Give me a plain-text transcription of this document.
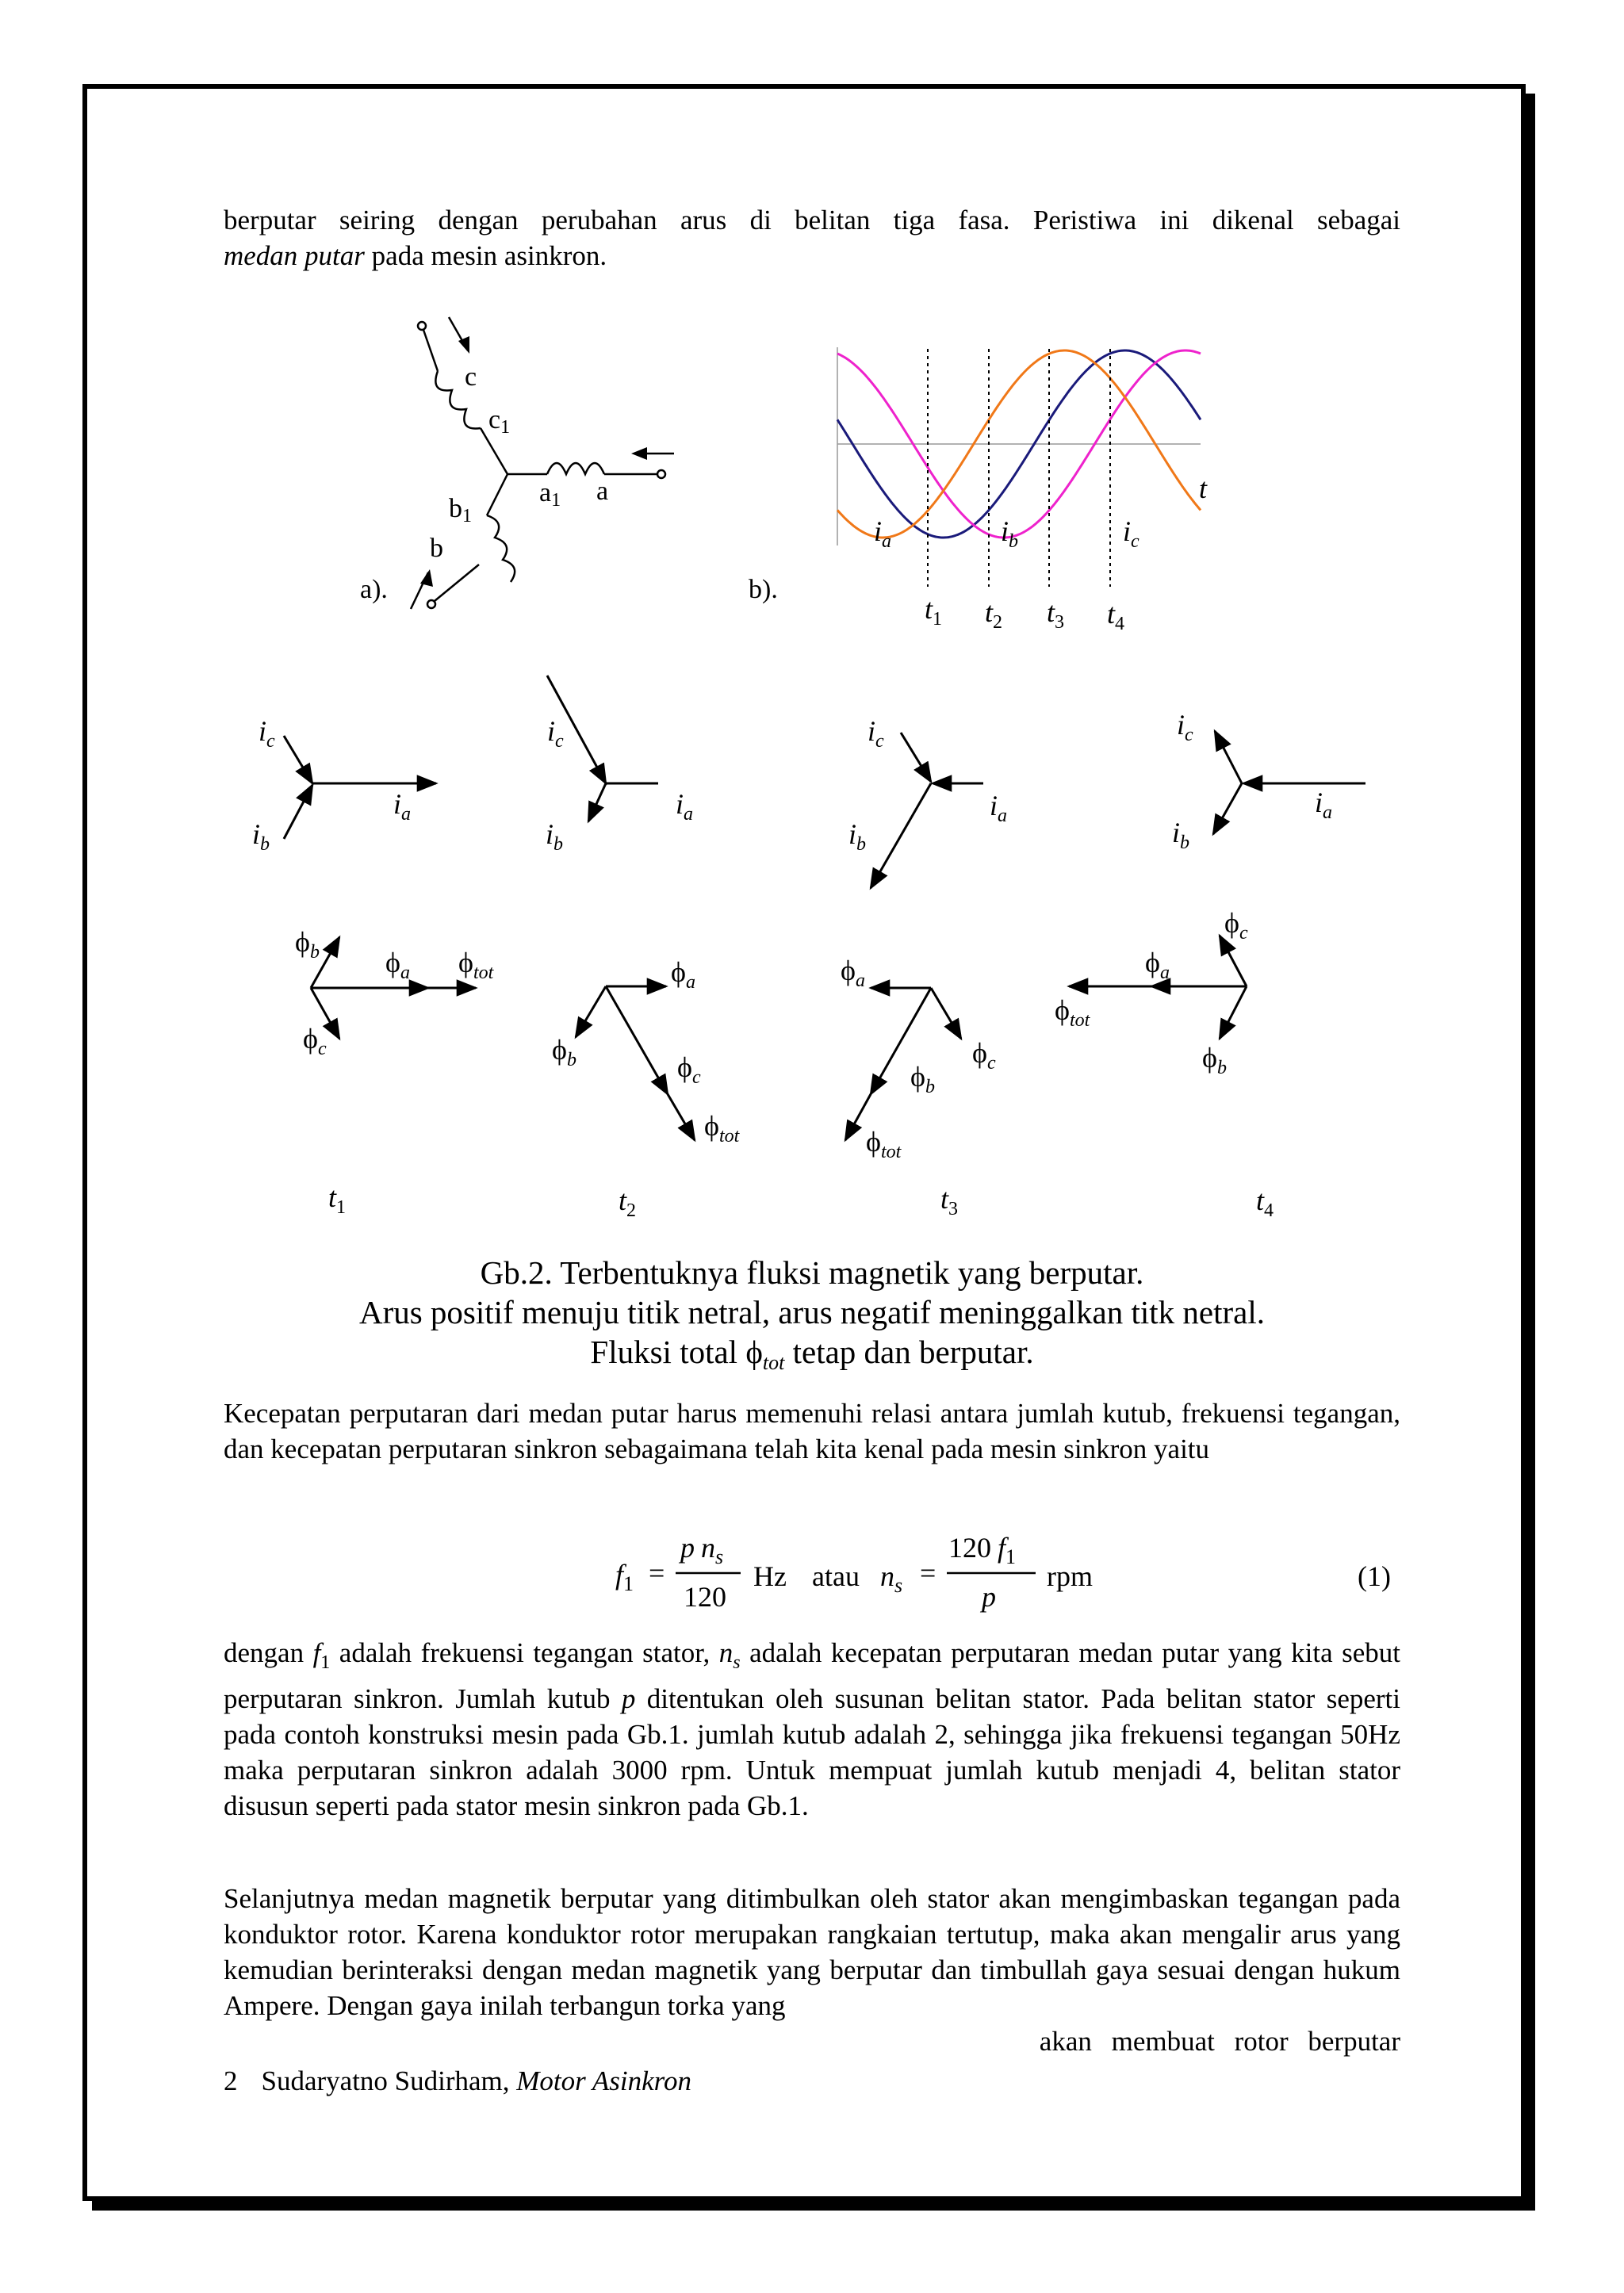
berputar seiring dengan perubahan arus di belitan tiga fasa. Peristiwa ini dikenal sebagai
medan putar pada mesin asinkron.
c
c1
a1 a
b1
b
a).
t
$i_a$	$i_b$	$i_c$
$t_1$ $t_2$ $t_3$ $t_4$
b).
$i_c$
$i_a$
$i_b$
$i_c$
$i_a$
$i_b$
$i_c$
$i_a$
$i_b$
$i_c$
$i_a$
$i_b$
$\phi_b$ $\phi_a$ $\phi_{tot}$
$\phi_c$
$\phi_a$
$\phi_b$	$\phi_c$
$\phi_{tot}$
$\phi_a$
$\phi_c$
$\phi_b$
$\phi_{tot}$
$\phi_c$
$\phi_a$
$\phi_{tot}$
$\phi_b$
$t_1$	$t_2$	$t_3$	$t_4$
Gb.2. Terbentuknya fluksi magnetik yang berputar.
Arus positif menuju titik netral, arus negatif meninggalkan titk netral.
Fluksi total ϕtot tetap dan berputar.
Kecepatan perputaran dari medan putar harus memenuhi relasi antara jumlah kutub, frekuensi tegangan, dan kecepatan perputaran sinkron sebagaimana telah kita kenal pada mesin sinkron yaitu
$f_1$ =
p $n_s$
120
Hz atau $n_s$ =
120 $f_1$
p
rpm	(1)
dengan $f_1$ adalah frekuensi tegangan stator, $n_s$ adalah kecepatan perputaran medan putar yang kita sebut perputaran sinkron. Jumlah kutub p ditentukan oleh susunan belitan stator. Pada belitan stator seperti pada contoh konstruksi mesin pada Gb.1. jumlah kutub adalah 2, sehingga jika frekuensi tegangan 50Hz maka perputaran sinkron adalah 3000 rpm. Untuk mempuat jumlah kutub menjadi 4, belitan stator disusun seperti pada stator mesin sinkron pada Gb.1.
Selanjutnya medan magnetik berputar yang ditimbulkan oleh stator akan mengimbaskan tegangan pada konduktor rotor. Karena konduktor rotor merupakan rangkaian tertutup, maka akan mengalir arus yang kemudian berinteraksi dengan medan magnetik yang berputar dan timbullah gaya sesuai dengan hukum Ampere. Dengan gaya inilah terbangun torka yang
akan membuat rotor berputar
2 Sudaryatno Sudirham, Motor Asinkron
